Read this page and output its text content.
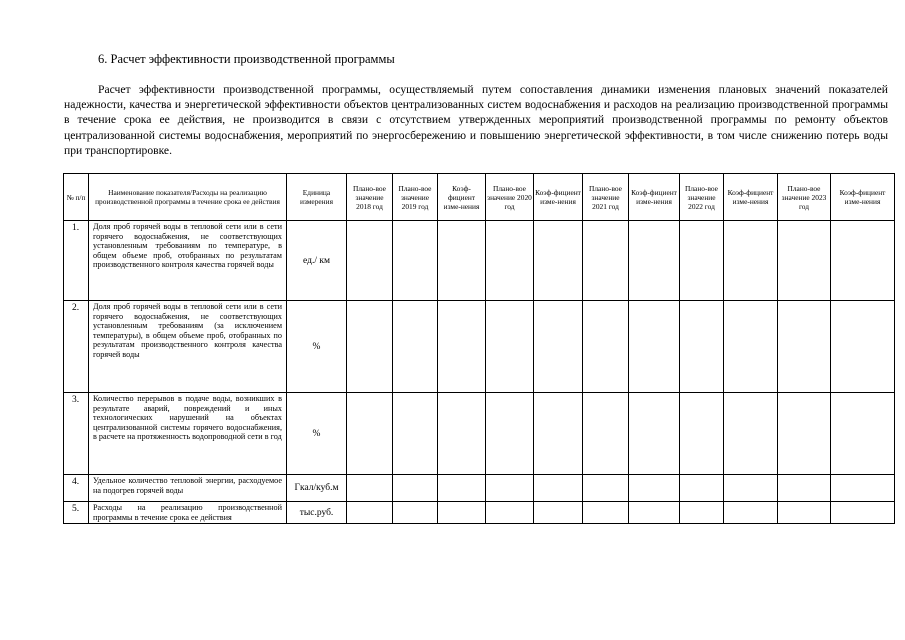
6. Расчет эффективности производственной программы

Расчет эффективности производственной программы, осуществляемый путем сопоставления динамики изменения плановых значений показателей надежности, качества и энергетической эффективности объектов централизованных систем водоснабжения и расходов на реализацию производственной программы в течение срока ее действия, не производится в связи с отсутствием утвержденных мероприятий производственной программы по ремонту объектов централизованной системы водоснабжения, мероприятий по энергосбережению и повышению энергетической эффективности, в том числе снижению потерь воды при транспортировке.

№ п/п	Наименование показателя/Расходы на реализацию производственной программы в течение срока ее действия	Единица измерения	Плано-вое значение 2018 год	Плано-вое значение 2019 год	Коэф-фициент изме-нения	Плано-вое значение 2020 год	Коэф-фициент изме-нения	Плано-вое значение 2021 год	Коэф-фициент изме-нения	Плано-вое значение 2022 год	Коэф-фициент изме-нения	Плано-вое значение 2023 год	Коэф-фициент изме-нения
1.	Доля проб горячей воды в тепловой сети или в сети горячего водоснабжения, не соответствующих установленным требованиям по температуре, в общем объеме проб, отобранных по результатам производственного контроля качества горячей воды	ед./ км											
2.	Доля проб горячей воды в тепловой сети или в сети горячего водоснабжения, не соответствующих установленным требованиям (за исключением температуры), в общем объеме проб, отобранных по результатам производственного контроля качества горячей воды	%											
3.	Количество перерывов в подаче воды, возникших в результате аварий, повреждений и иных технологических нарушений на объектах централизованной системы горячего водоснабжения, в расчете на протяженность водопроводной сети в год	%											
4.	Удельное количество тепловой энергии, расходуемое на подогрев горячей воды	Гкал/куб.м											
5.	Расходы на реализацию производственной программы в течение срока ее действия	тыс.руб.											
